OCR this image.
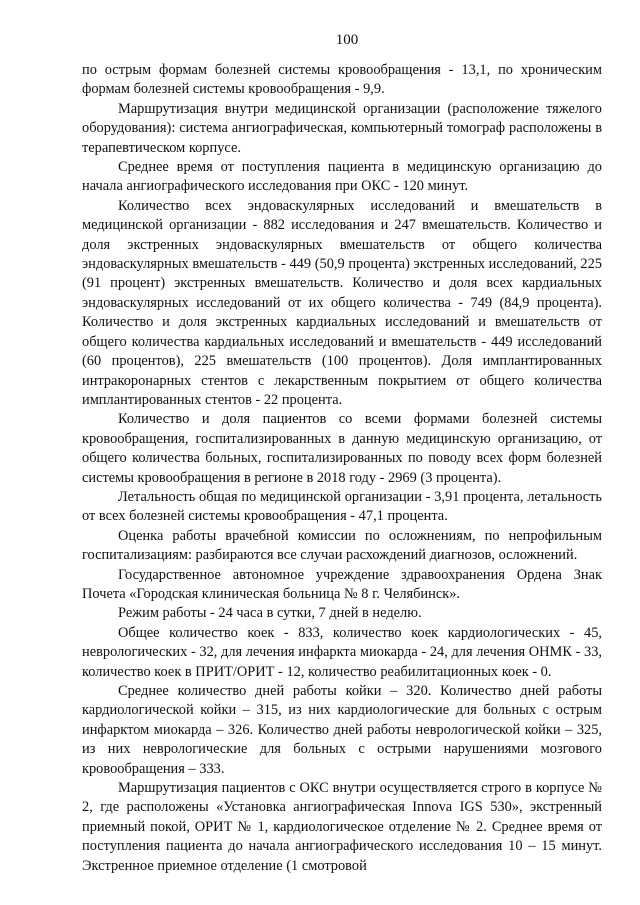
100

по острым формам болезней системы кровообращения - 13,1, по хроническим формам болезней системы кровообращения - 9,9.

Маршрутизация внутри медицинской организации (расположение тяжелого оборудования): система ангиографическая, компьютерный томограф расположены в терапевтическом корпусе.

Среднее время от поступления пациента в медицинскую организацию до начала ангиографического исследования при ОКС - 120 минут.

Количество всех эндоваскулярных исследований и вмешательств в медицинской организации - 882 исследования и 247 вмешательств. Количество и доля экстренных эндоваскулярных вмешательств от общего количества эндоваскулярных вмешательств - 449 (50,9 процента) экстренных исследований, 225 (91 процент) экстренных вмешательств. Количество и доля всех кардиальных эндоваскулярных исследований от их общего количества - 749 (84,9 процента). Количество и доля экстренных кардиальных исследований и вмешательств от общего количества кардиальных исследований и вмешательств - 449 исследований (60 процентов), 225 вмешательств (100 процентов). Доля имплантированных интракоронарных стентов с лекарственным покрытием от общего количества имплантированных стентов - 22 процента.

Количество и доля пациентов со всеми формами болезней системы кровообращения, госпитализированных в данную медицинскую организацию, от общего количества больных, госпитализированных по поводу всех форм болезней системы кровообращения в регионе в 2018 году - 2969 (3 процента).

Летальность общая по медицинской организации - 3,91 процента, летальность от всех болезней системы кровообращения - 47,1 процента.

Оценка работы врачебной комиссии по осложнениям, по непрофильным госпитализациям: разбираются все случаи расхождений диагнозов, осложнений.

Государственное автономное учреждение здравоохранения Ордена Знак Почета «Городская клиническая больница № 8 г. Челябинск».

Режим работы - 24 часа в сутки, 7 дней в неделю.

Общее количество коек - 833, количество коек кардиологических - 45, неврологических - 32, для лечения инфаркта миокарда - 24, для лечения ОНМК - 33, количество коек в ПРИТ/ОРИТ - 12, количество реабилитационных коек - 0.

Среднее количество дней работы койки – 320. Количество дней работы кардиологической койки – 315, из них кардиологические для больных с острым инфарктом миокарда – 326. Количество дней работы неврологической койки – 325, из них неврологические для больных с острыми нарушениями мозгового кровообращения – 333.

Маршрутизация пациентов с ОКС внутри осуществляется строго в корпусе № 2, где расположены «Установка ангиографическая Innova IGS 530», экстренный приемный покой, ОРИТ № 1, кардиологическое отделение № 2. Среднее время от поступления пациента до начала ангиографического исследования 10 – 15 минут. Экстренное приемное отделение (1 смотровой
